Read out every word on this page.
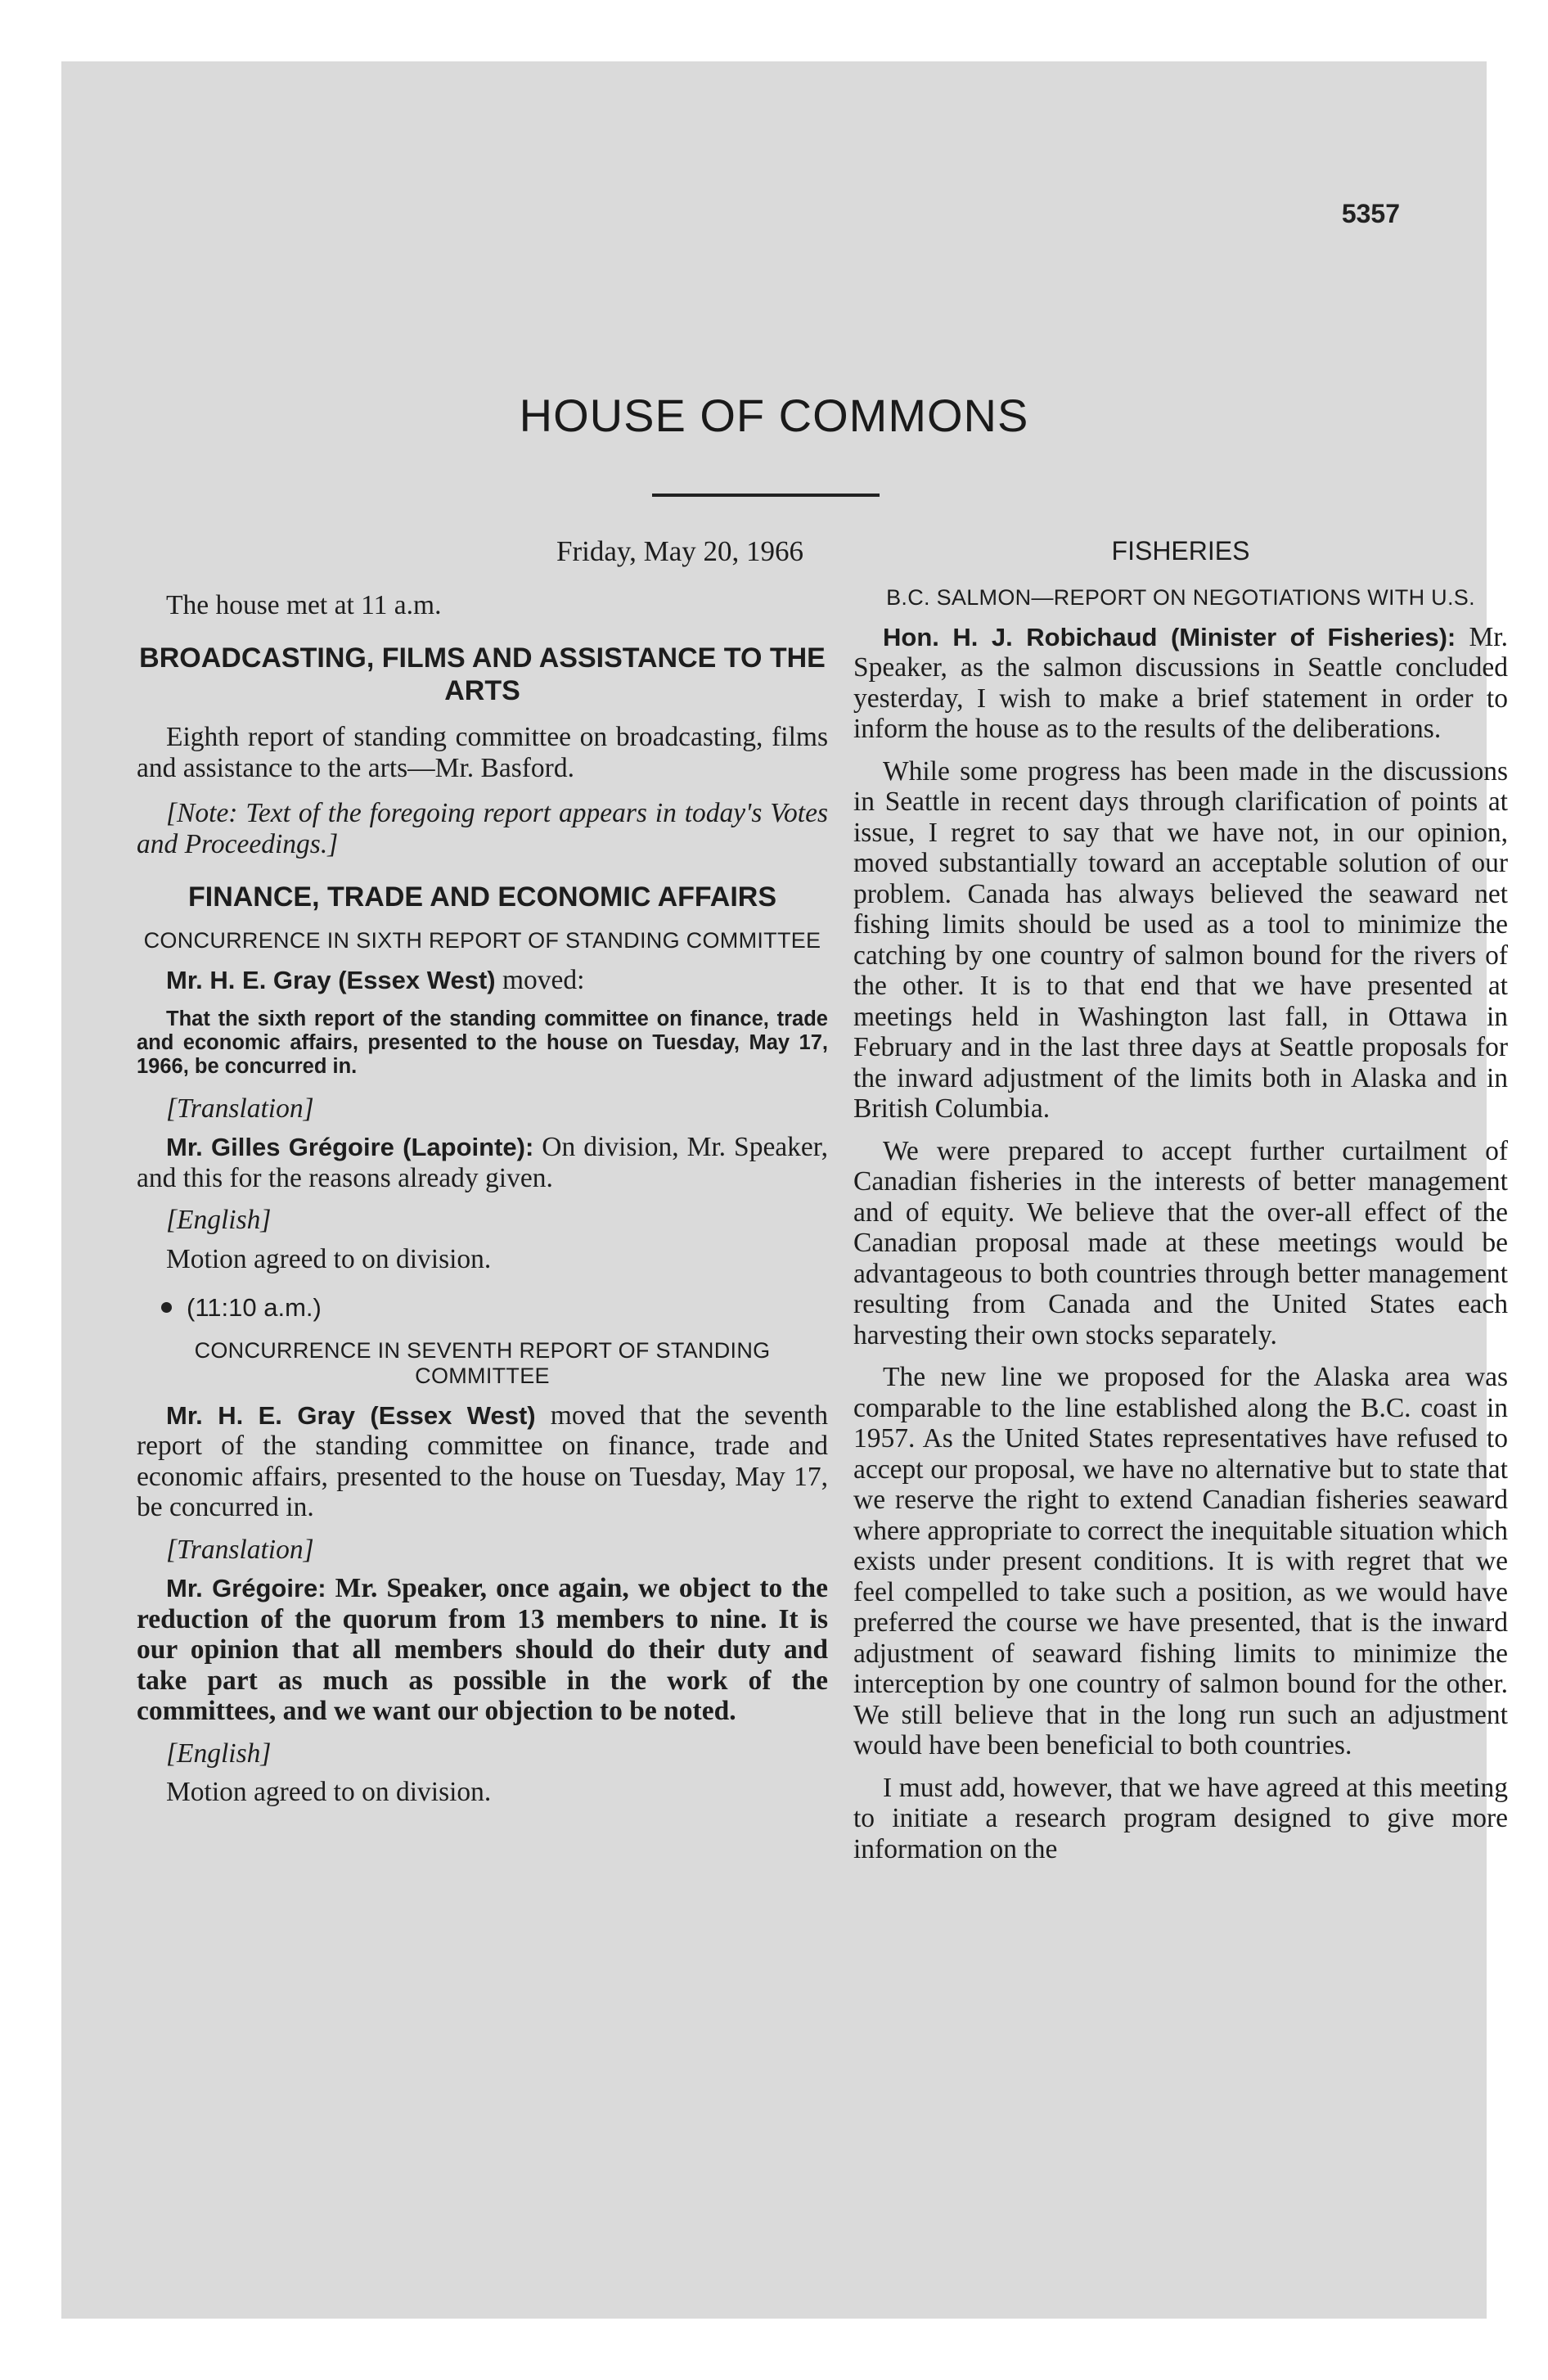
5357
HOUSE OF COMMONS

Friday, May 20, 1966

The house met at 11 a.m.

BROADCASTING, FILMS AND ASSISTANCE TO THE ARTS

Eighth report of standing committee on broadcasting, films and assistance to the arts—Mr. Basford.

[Note: Text of the foregoing report appears in today's Votes and Proceedings.]

FINANCE, TRADE AND ECONOMIC AFFAIRS
CONCURRENCE IN SIXTH REPORT OF STANDING COMMITTEE

Mr. H. E. Gray (Essex West) moved:

That the sixth report of the standing committee on finance, trade and economic affairs, presented to the house on Tuesday, May 17, 1966, be concurred in.

[Translation]

Mr. Gilles Grégoire (Lapointe): On division, Mr. Speaker, and this for the reasons already given.

[English]

Motion agreed to on division.

(11:10 a.m.)

CONCURRENCE IN SEVENTH REPORT OF STANDING COMMITTEE

Mr. H. E. Gray (Essex West) moved that the seventh report of the standing committee on finance, trade and economic affairs, presented to the house on Tuesday, May 17, be concurred in.

[Translation]

Mr. Grégoire: Mr. Speaker, once again, we object to the reduction of the quorum from 13 members to nine. It is our opinion that all members should do their duty and take part as much as possible in the work of the committees, and we want our objection to be noted.

[English]

Motion agreed to on division.

FISHERIES
B.C. SALMON—REPORT ON NEGOTIATIONS WITH U.S.

Hon. H. J. Robichaud (Minister of Fisheries): Mr. Speaker, as the salmon discussions in Seattle concluded yesterday, I wish to make a brief statement in order to inform the house as to the results of the deliberations.

While some progress has been made in the discussions in Seattle in recent days through clarification of points at issue, I regret to say that we have not, in our opinion, moved substantially toward an acceptable solution of our problem. Canada has always believed the seaward net fishing limits should be used as a tool to minimize the catching by one country of salmon bound for the rivers of the other. It is to that end that we have presented at meetings held in Washington last fall, in Ottawa in February and in the last three days at Seattle proposals for the inward adjustment of the limits both in Alaska and in British Columbia.

We were prepared to accept further curtailment of Canadian fisheries in the interests of better management and of equity. We believe that the over-all effect of the Canadian proposal made at these meetings would be advantageous to both countries through better management resulting from Canada and the United States each harvesting their own stocks separately.

The new line we proposed for the Alaska area was comparable to the line established along the B.C. coast in 1957. As the United States representatives have refused to accept our proposal, we have no alternative but to state that we reserve the right to extend Canadian fisheries seaward where appropriate to correct the inequitable situation which exists under present conditions. It is with regret that we feel compelled to take such a position, as we would have preferred the course we have presented, that is the inward adjustment of seaward fishing limits to minimize the interception by one country of salmon bound for the other. We still believe that in the long run such an adjustment would have been beneficial to both countries.

I must add, however, that we have agreed at this meeting to initiate a research program designed to give more information on the
